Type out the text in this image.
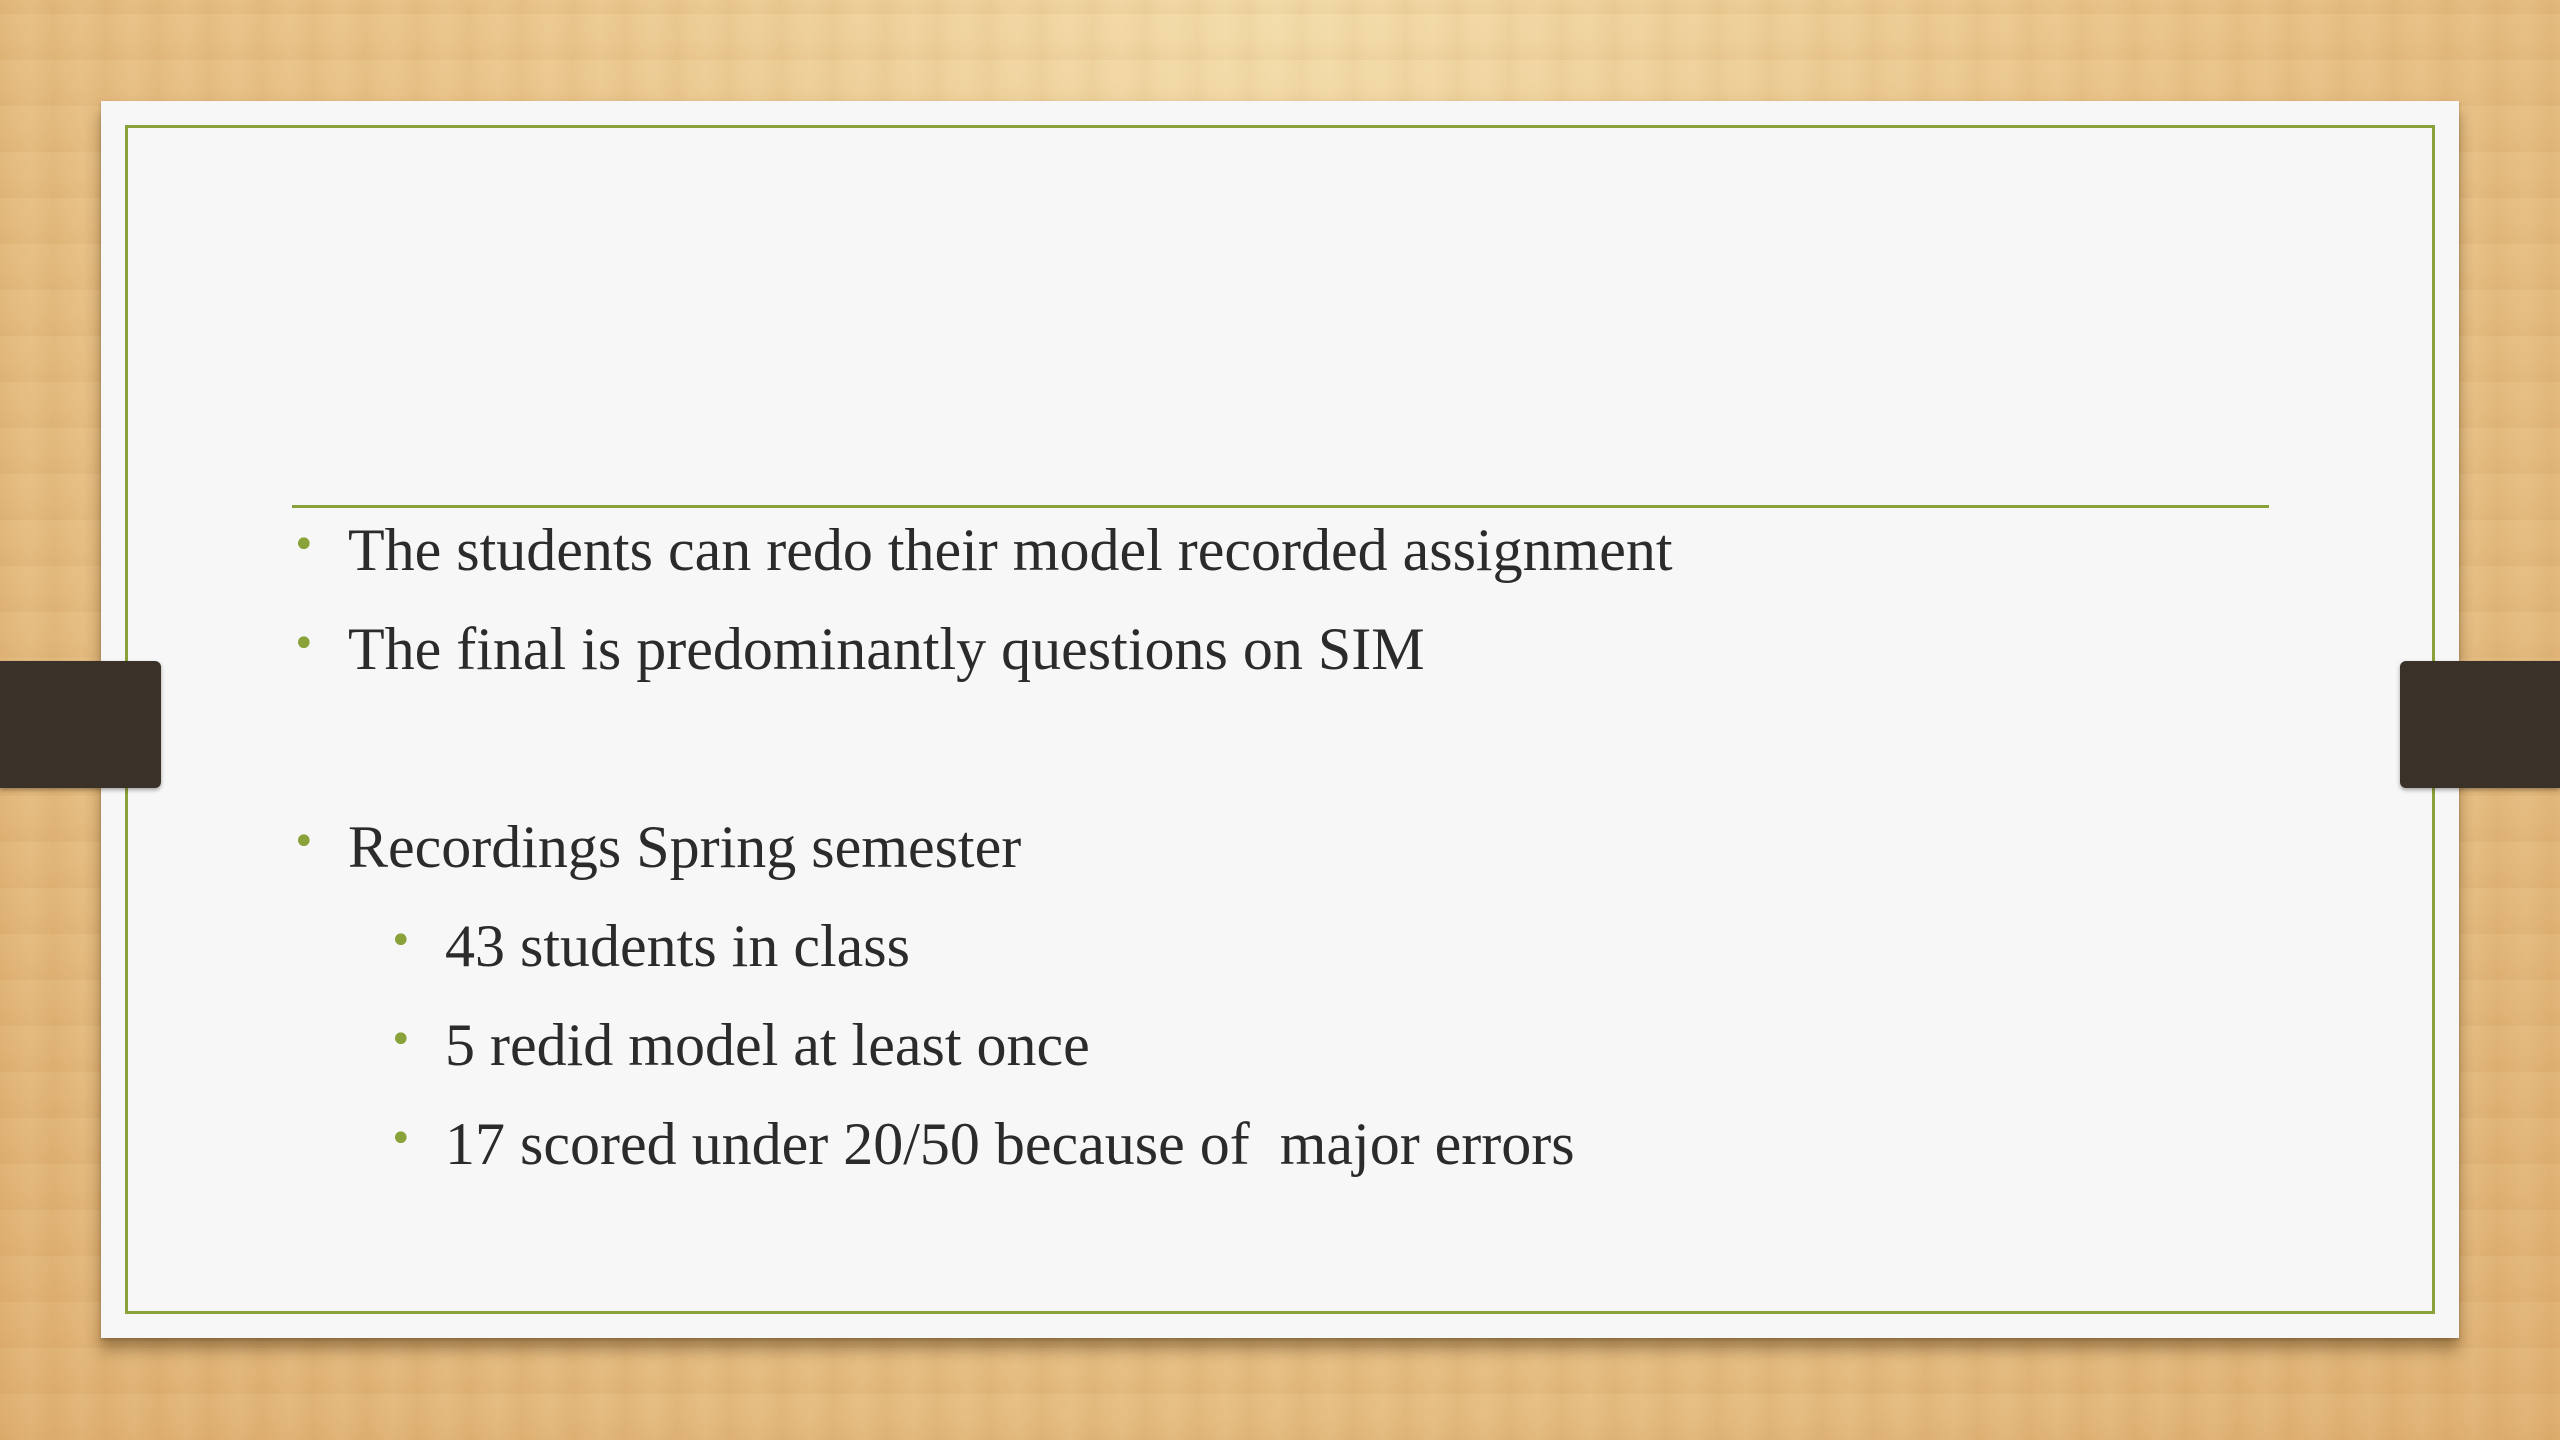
• The students can redo their model recorded assignment
• The final is predominantly questions on SIM
• Recordings Spring semester
• 43 students in class
• 5 redid model at least once
• 17 scored under 20/50 because of  major errors
